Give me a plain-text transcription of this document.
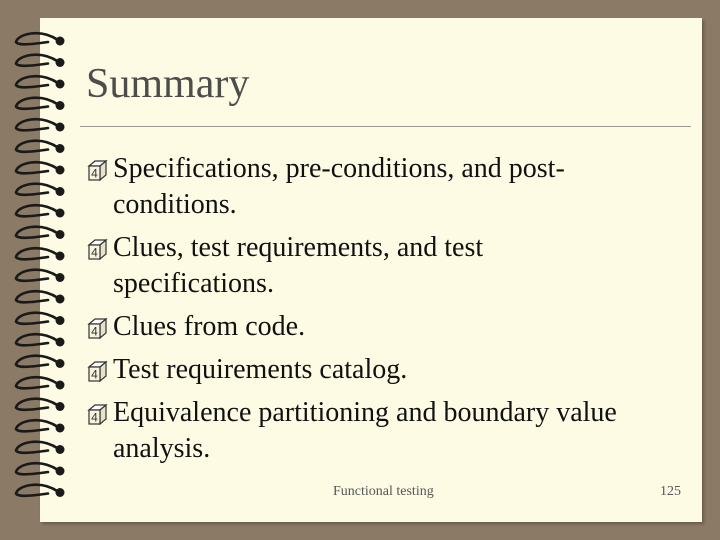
Summary
4 Specifications, pre-conditions, and post-conditions.
4 Clues, test requirements, and test specifications.
4 Clues from code.
4 Test requirements catalog.
4 Equivalence partitioning and boundary value analysis.
Functional testing	125
